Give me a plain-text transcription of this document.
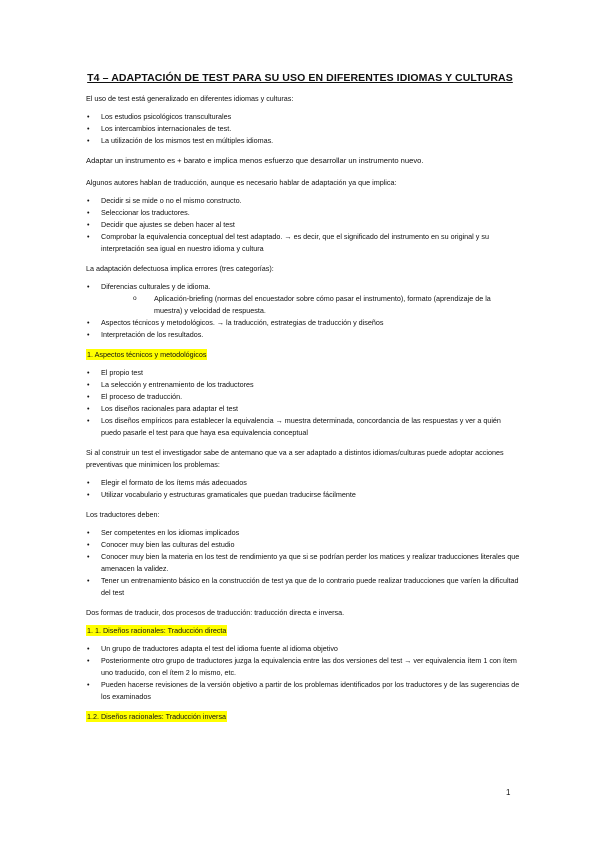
T4 – ADAPTACIÓN DE TEST PARA SU USO EN DIFERENTES IDIOMAS Y CULTURAS

El uso de test está generalizado en diferentes idiomas y culturas:

• Los estudios psicológicos transculturales
• Los intercambios internacionales de test.
• La utilización de los mismos test en múltiples idiomas.

Adaptar un instrumento es + barato e implica menos esfuerzo que desarrollar un instrumento nuevo.

Algunos autores hablan de traducción, aunque es necesario hablar de adaptación ya que implica:

• Decidir si se mide o no el mismo constructo.
• Seleccionar los traductores.
• Decidir que ajustes se deben hacer al test
• Comprobar la equivalencia conceptual del test adaptado. → es decir, que el significado del instrumento en su original y su interpretación sea igual en nuestro idioma y cultura

La adaptación defectuosa implica errores (tres categorías):

• Diferencias culturales y de idioma.
o Aplicación-briefing (normas del encuestador sobre cómo pasar el instrumento), formato (aprendizaje de la muestra) y velocidad de respuesta.
• Aspectos técnicos y metodológicos. → la traducción, estrategias de traducción y diseños
• Interpretación de los resultados.

1. Aspectos técnicos y metodológicos

• El propio test
• La selección y entrenamiento de los traductores
• El proceso de traducción.
• Los diseños racionales para adaptar el test
• Los diseños empíricos para establecer la equivalencia → muestra determinada, concordancia de las respuestas y ver a quién puedo pasarle el test para que haya esa equivalencia conceptual

Si al construir un test el investigador sabe de antemano que va a ser adaptado a distintos idiomas/culturas puede adoptar acciones preventivas que minimicen los problemas:

• Elegir el formato de los ítems más adecuados
• Utilizar vocabulario y estructuras gramaticales que puedan traducirse fácilmente

Los traductores deben:

• Ser competentes en los idiomas implicados
• Conocer muy bien las culturas del estudio
• Conocer muy bien la materia en los test de rendimiento ya que si se podrían perder los matices y realizar traducciones literales que amenacen la validez.
• Tener un entrenamiento básico en la construcción de test ya que de lo contrario puede realizar traducciones que varíen la dificultad del test

Dos formas de traducir, dos procesos de traducción: traducción directa e inversa.

1. 1. Diseños racionales: Traducción directa

• Un grupo de traductores adapta el test del idioma fuente al idioma objetivo
• Posteriormente otro grupo de traductores juzga la equivalencia entre las dos versiones del test → ver equivalencia ítem 1 con ítem uno traducido, con el ítem 2 lo mismo, etc.
• Pueden hacerse revisiones de la versión objetivo a partir de los problemas identificados por los traductores y de las sugerencias de los examinados

1.2. Diseños racionales: Traducción inversa

1
